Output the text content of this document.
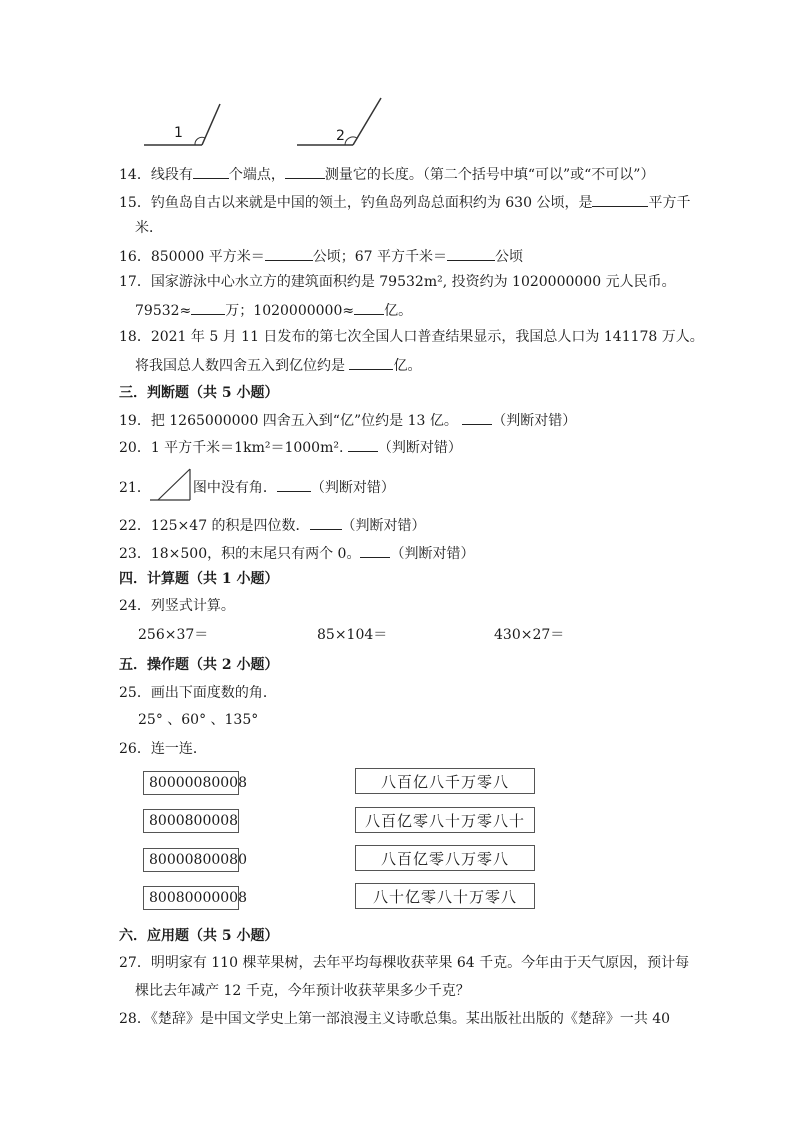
1	2
14．线段有	个端点，	测量它的长度。（第二个括号中填“可以”或“不可以”）
15．钓鱼岛自古以来就是中国的领土，钓鱼岛列岛总面积约为 630 公顷，是	平方千
米．
16．850000 平方米＝	公顷；67 平方千米＝	公顷
17．国家游泳中心水立方的建筑面积约是 79532m², 投资约为 1020000000 元人民币。
79532≈ 万；1020000000≈ 亿。
18．2021 年 5 月 11 日发布的第七次全国人口普查结果显示，我国总人口为 141178 万人。
将我国总人数四舍五入到亿位约是	亿。
三．判断题（共 5 小题）
19．把 1265000000 四舍五入到“亿”位约是 13 亿。 （判断对错）
20．1 平方千米＝1km²＝1000m². （判断对错）
21．	图中没有角． （判断对错）
22．125×47 的积是四位数． （判断对错）
23．18×500，积的末尾只有两个 0。 （判断对错）
四．计算题（共 1 小题）
24．列竖式计算。
256×37＝	85×104＝	430×27＝
五．操作题（共 2 小题）
25．画出下面度数的角．
25° 、60° 、135°
26．连一连．
80000080008
8000800008
80000800080
80080000008
八百亿八千万零八
八百亿零八十万零八十
八百亿零八万零八
八十亿零八十万零八
六．应用题（共 5 小题）
27．明明家有 110 棵苹果树，去年平均每棵收获苹果 64 千克。今年由于天气原因，预计每
棵比去年减产 12 千克，今年预计收获苹果多少千克？
28．《楚辞》是中国文学史上第一部浪漫主义诗歌总集。某出版社出版的《楚辞》一共 40
